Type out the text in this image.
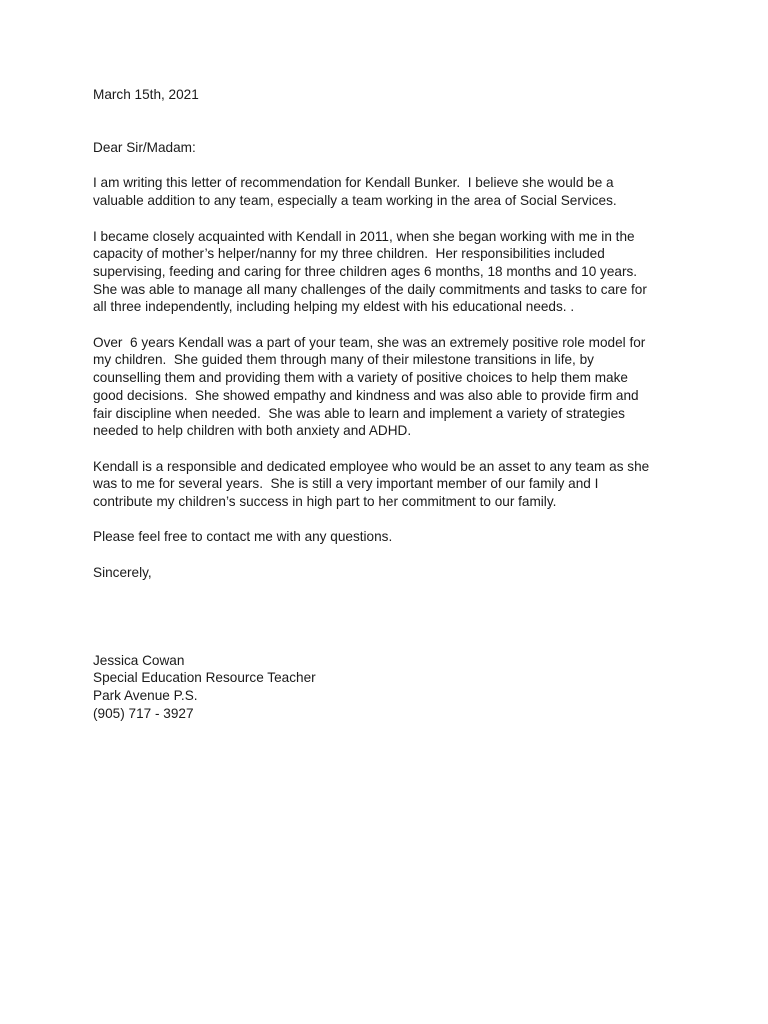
March 15th, 2021

Dear Sir/Madam:

I am writing this letter of recommendation for Kendall Bunker.  I believe she would be a
valuable addition to any team, especially a team working in the area of Social Services.

I became closely acquainted with Kendall in 2011, when she began working with me in the
capacity of mother’s helper/nanny for my three children.  Her responsibilities included
supervising, feeding and caring for three children ages 6 months, 18 months and 10 years.
She was able to manage all many challenges of the daily commitments and tasks to care for
all three independently, including helping my eldest with his educational needs. .

Over  6 years Kendall was a part of your team, she was an extremely positive role model for
my children.  She guided them through many of their milestone transitions in life, by
counselling them and providing them with a variety of positive choices to help them make
good decisions.  She showed empathy and kindness and was also able to provide firm and
fair discipline when needed.  She was able to learn and implement a variety of strategies
needed to help children with both anxiety and ADHD.

Kendall is a responsible and dedicated employee who would be an asset to any team as she
was to me for several years.  She is still a very important member of our family and I
contribute my children’s success in high part to her commitment to our family.

Please feel free to contact me with any questions.

Sincerely,

Jessica Cowan

Special Education Resource Teacher

Park Avenue P.S.

(905) 717 - 3927
